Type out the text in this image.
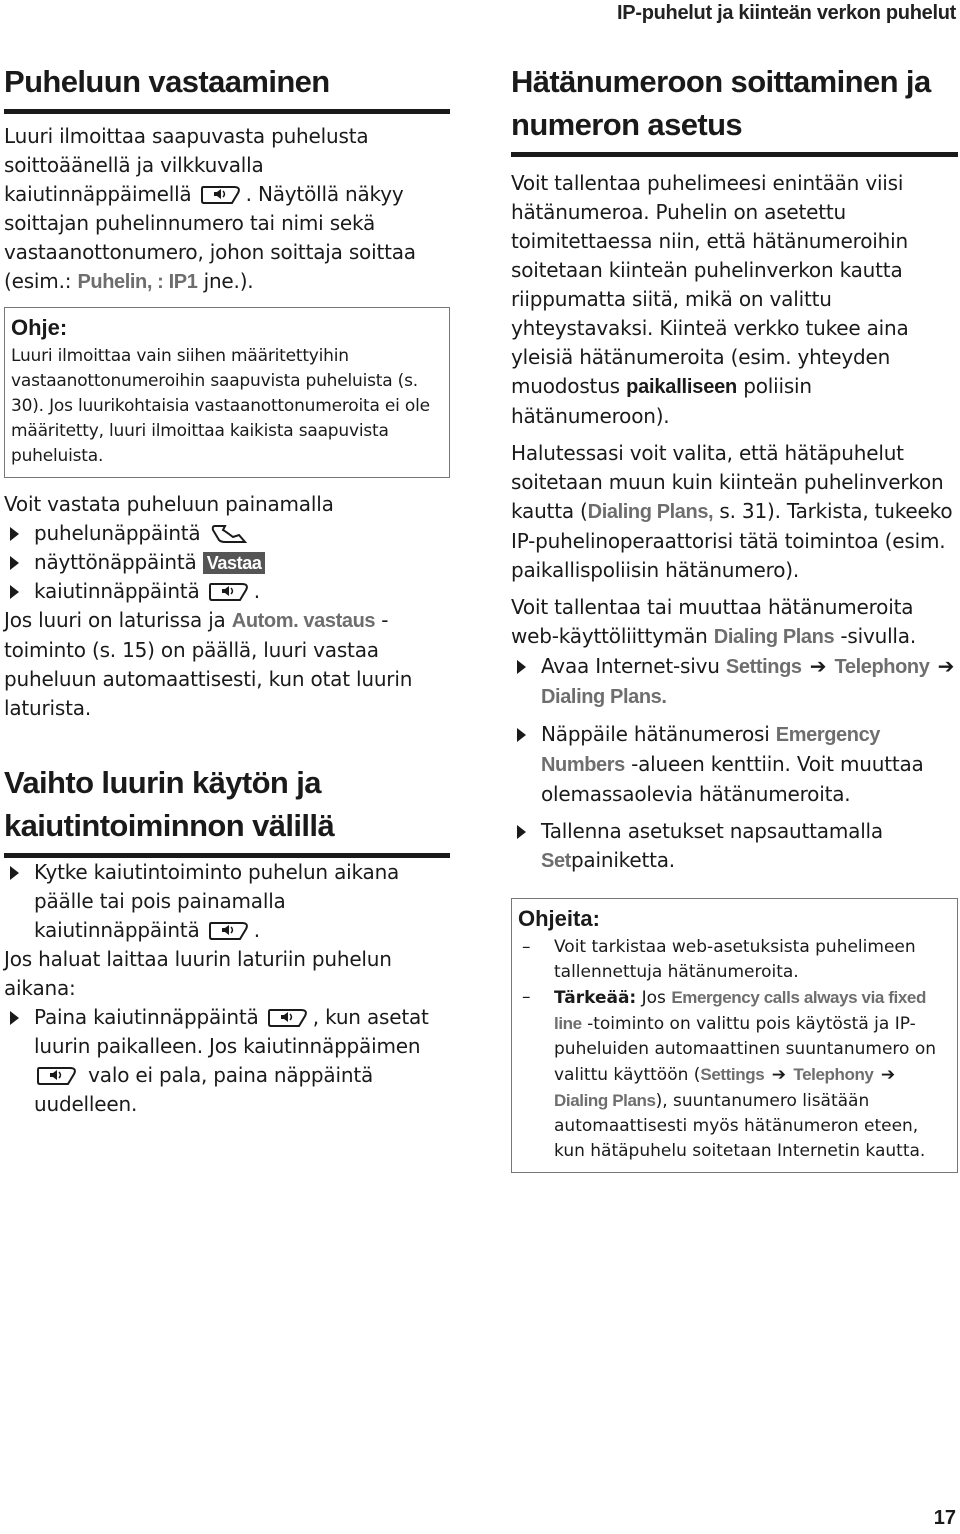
IP-puhelut ja kiinteän verkon puhelut
Puheluun vastaaminen

Luuri ilmoittaa saapuvasta puhelusta soittoäänellä ja vilkkuvalla kaiutinnäppäimellä	. Näytöllä näkyy soittajan puhelinnumero tai nimi sekä vastaanottonumero, johon soittaja soittaa (esim.: Puhelin, : IP1 jne.).

Ohje:

Luuri ilmoittaa vain siihen määritettyihin vastaanottonumeroihin saapuvista puheluista (s. 30). Jos luurikohtaisia vastaanottonumeroita ei ole määritetty, luuri ilmoittaa kaikista saapuvista puheluista.

Voit vastata puheluun painamalla

puhelunäppäintä
näyttönäppäintä Vastaa
kaiutinnäppäintä	.

Jos luuri on laturissa ja Autom. vastaus -toiminto (s. 15) on päällä, luuri vastaa puheluun automaattisesti, kun otat luurin laturista.

Vaihto luurin käytön ja kaiutintoiminnon välillä
Kytke kaiutintoiminto puhelun aikana päälle tai pois painamalla kaiutinnäppäintä	.

Jos haluat laittaa luurin laturiin puhelun aikana:

Paina kaiutinnäppäintä	, kun asetat luurin paikalleen. Jos kaiutinnäppäimen
valo ei pala, paina näppäintä uudelleen.
Hätänumeroon soittaminen ja numeron asetus

Voit tallentaa puhelimeesi enintään viisi hätänumeroa. Puhelin on asetettu toimitettaessa niin, että hätänumeroihin soitetaan kiinteän puhelinverkon kautta riippumatta siitä, mikä on valittu yhteystavaksi. Kiinteä verkko tukee aina yleisiä hätänumeroita (esim. yhteyden muodostus paikalliseen poliisin hätänumeroon).

Halutessasi voit valita, että hätäpuhelut soitetaan muun kuin kiinteän puhelinverkon kautta (Dialing Plans, s. 31). Tarkista, tukeeko IP-puhelinoperaattorisi tätä toimintoa (esim. paikallispoliisin hätänumero).

Voit tallentaa tai muuttaa hätänumeroita web-käyttöliittymän Dialing Plans -sivulla.

Avaa Internet-sivu Settings ➔ Telephony ➔ Dialing Plans.
Näppäile hätänumerosi Emergency Numbers -alueen kenttiin. Voit muuttaa olemassaolevia hätänumeroita.
Tallenna asetukset napsauttamalla Setpainiketta.
Ohjeita:
– Voit tarkistaa web-asetuksista puhelimeen tallennettuja hätänumeroita.
– Tärkeää: Jos Emergency calls always via fixed line -toiminto on valittu pois käytöstä ja IP-puheluiden automaattinen suuntanumero on valittu käyttöön (Settings ➔ Telephony ➔ Dialing Plans), suuntanumero lisätään automaattisesti myös hätänumeron eteen, kun hätäpuhelu soitetaan Internetin kautta.
17
